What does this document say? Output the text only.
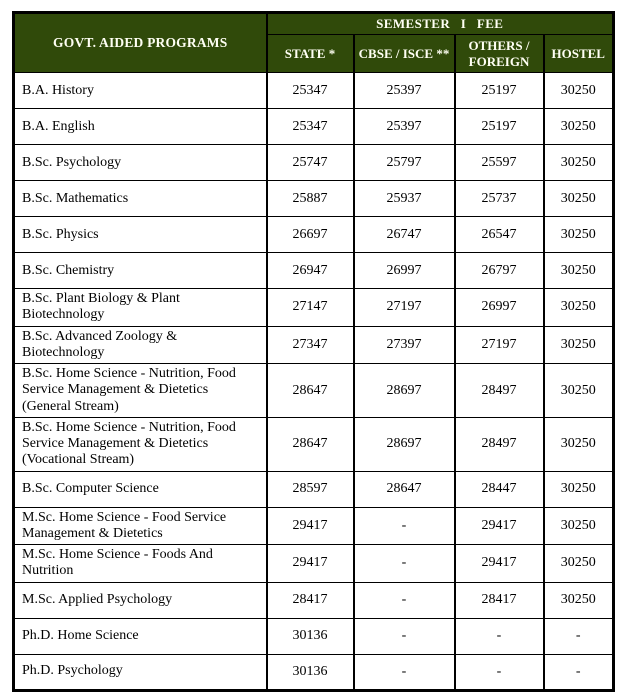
GOVT. AIDED PROGRAMS	SEMESTER I FEE			
	STATE *	CBSE / ISCE **	OTHERS / FOREIGN	HOSTEL
B.A. History	25347	25397	25197	30250
B.A. English	25347	25397	25197	30250
B.Sc. Psychology	25747	25797	25597	30250
B.Sc. Mathematics	25887	25937	25737	30250
B.Sc. Physics	26697	26747	26547	30250
B.Sc. Chemistry	26947	26997	26797	30250
B.Sc. Plant Biology & Plant Biotechnology	27147	27197	26997	30250
B.Sc. Advanced Zoology & Biotechnology	27347	27397	27197	30250
B.Sc. Home Science - Nutrition, Food Service Management & Dietetics (General Stream)	28647	28697	28497	30250
B.Sc. Home Science - Nutrition, Food Service Management & Dietetics (Vocational Stream)	28647	28697	28497	30250
B.Sc. Computer Science	28597	28647	28447	30250
M.Sc. Home Science - Food Service Management & Dietetics	29417	-	29417	30250
M.Sc. Home Science - Foods And Nutrition	29417	-	29417	30250
M.Sc. Applied Psychology	28417	-	28417	30250
Ph.D. Home Science	30136	-	-	-
Ph.D. Psychology	30136	-	-	-
